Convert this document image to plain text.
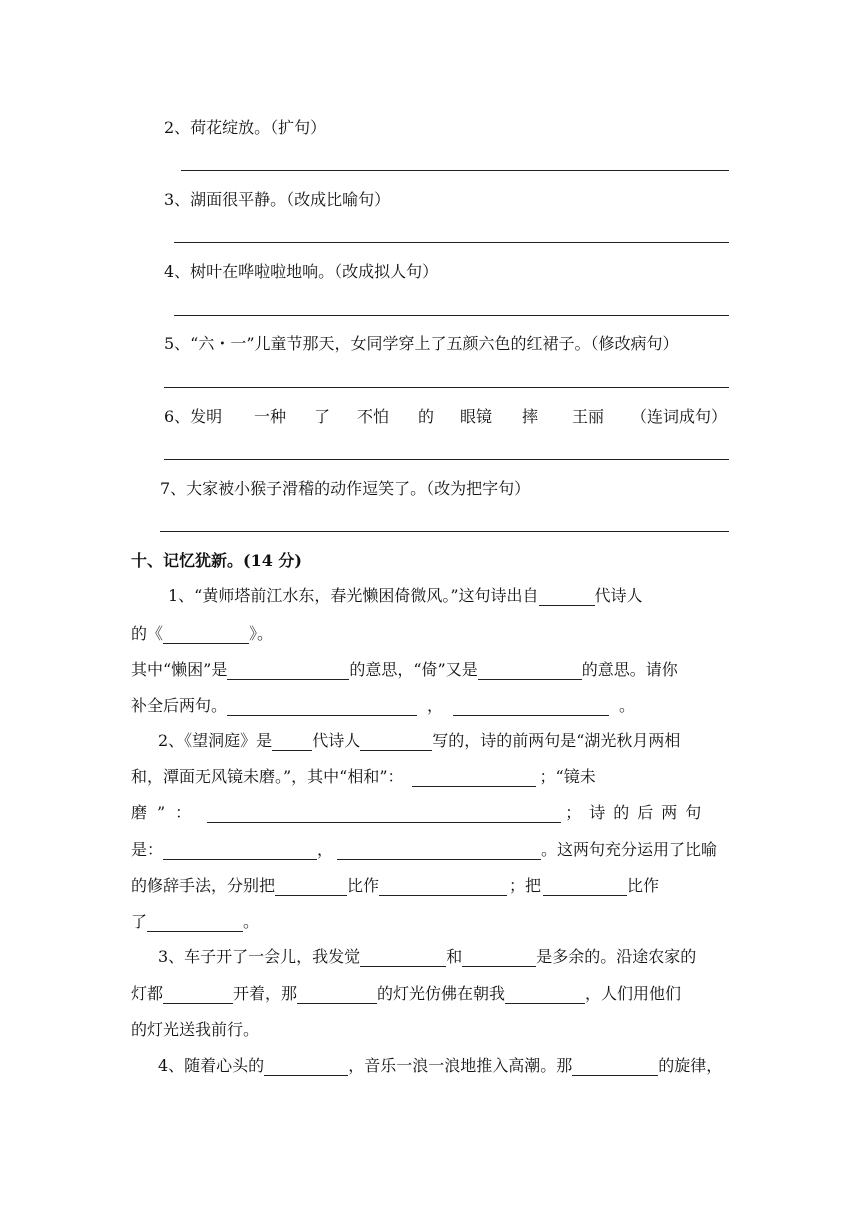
2、荷花绽放。（扩句）
3、湖面很平静。（改成比喻句）
4、树叶在哗啦啦地响。（改成拟人句）
5、“六・一”儿童节那天，女同学穿上了五颜六色的红裙子。（修改病句）
6、发明 一种 了 不怕 的 眼镜 摔 王丽 （连词成句）
7、大家被小猴子滑稽的动作逗笑了。（改为把字句）
十、记忆犹新。(14 分)
1、“黄师塔前江水东，春光懒困倚微风。”这句诗出自	代诗人
的《	》。
其中“懒困”是	的意思，“倚”又是	的意思。请你
补全后两句。	，	。
2、《望洞庭》是	代诗人	写的，诗的前两句是“湖光秋月两相
和，潭面无风镜未磨。”，其中“相和”：	；“镜未
磨”：	；诗的后两句
是：	，	。这两句充分运用了比喻
的修辞手法，分别把	比作	；把	比作
了	。
3、车子开了一会儿，我发觉	和	是多余的。沿途农家的
灯都	开着，那	的灯光仿佛在朝我	，人们用他们
的灯光送我前行。
4、随着心头的	，音乐一浪一浪地推入高潮。那	的旋律，
